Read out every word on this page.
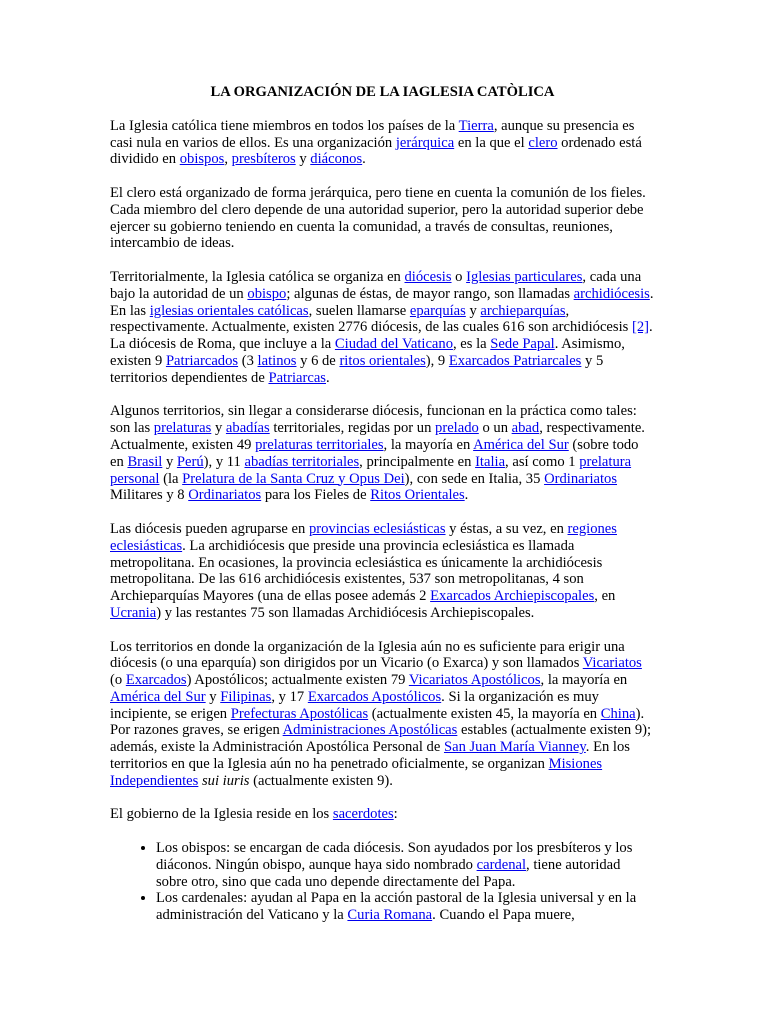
LA ORGANIZACIÓN DE LA IAGLESIA CATÒLICA

La Iglesia católica tiene miembros en todos los países de la Tierra, aunque su presencia es casi nula en varios de ellos. Es una organización jerárquica en la que el clero ordenado está dividido en obispos, presbíteros y diáconos.

El clero está organizado de forma jerárquica, pero tiene en cuenta la comunión de los fieles. Cada miembro del clero depende de una autoridad superior, pero la autoridad superior debe ejercer su gobierno teniendo en cuenta la comunidad, a través de consultas, reuniones, intercambio de ideas.

Territorialmente, la Iglesia católica se organiza en diócesis o Iglesias particulares, cada una bajo la autoridad de un obispo; algunas de éstas, de mayor rango, son llamadas archidiócesis. En las iglesias orientales católicas, suelen llamarse eparquías y archieparquías, respectivamente. Actualmente, existen 2776 diócesis, de las cuales 616 son archidiócesis [2]. La diócesis de Roma, que incluye a la Ciudad del Vaticano, es la Sede Papal. Asimismo, existen 9 Patriarcados (3 latinos y 6 de ritos orientales), 9 Exarcados Patriarcales y 5 territorios dependientes de Patriarcas.

Algunos territorios, sin llegar a considerarse diócesis, funcionan en la práctica como tales: son las prelaturas y abadías territoriales, regidas por un prelado o un abad, respectivamente. Actualmente, existen 49 prelaturas territoriales, la mayoría en América del Sur (sobre todo en Brasil y Perú), y 11 abadías territoriales, principalmente en Italia, así como 1 prelatura personal (la Prelatura de la Santa Cruz y Opus Dei), con sede en Italia, 35 Ordinariatos Militares y 8 Ordinariatos para los Fieles de Ritos Orientales.

Las diócesis pueden agruparse en provincias eclesiásticas y éstas, a su vez, en regiones eclesiásticas. La archidiócesis que preside una provincia eclesiástica es llamada metropolitana. En ocasiones, la provincia eclesiástica es únicamente la archidiócesis metropolitana. De las 616 archidiócesis existentes, 537 son metropolitanas, 4 son Archieparquías Mayores (una de ellas posee además 2 Exarcados Archiepiscopales, en Ucrania) y las restantes 75 son llamadas Archidiócesis Archiepiscopales.

Los territorios en donde la organización de la Iglesia aún no es suficiente para erigir una diócesis (o una eparquía) son dirigidos por un Vicario (o Exarca) y son llamados Vicariatos (o Exarcados) Apostólicos; actualmente existen 79 Vicariatos Apostólicos, la mayoría en América del Sur y Filipinas, y 17 Exarcados Apostólicos. Si la organización es muy incipiente, se erigen Prefecturas Apostólicas (actualmente existen 45, la mayoría en China). Por razones graves, se erigen Administraciones Apostólicas estables (actualmente existen 9); además, existe la Administración Apostólica Personal de San Juan María Vianney. En los territorios en que la Iglesia aún no ha penetrado oficialmente, se organizan Misiones Independientes sui iuris (actualmente existen 9).

El gobierno de la Iglesia reside en los sacerdotes:

• Los obispos: se encargan de cada diócesis. Son ayudados por los presbíteros y los diáconos. Ningún obispo, aunque haya sido nombrado cardenal, tiene autoridad sobre otro, sino que cada uno depende directamente del Papa.
• Los cardenales: ayudan al Papa en la acción pastoral de la Iglesia universal y en la administración del Vaticano y la Curia Romana. Cuando el Papa muere,
